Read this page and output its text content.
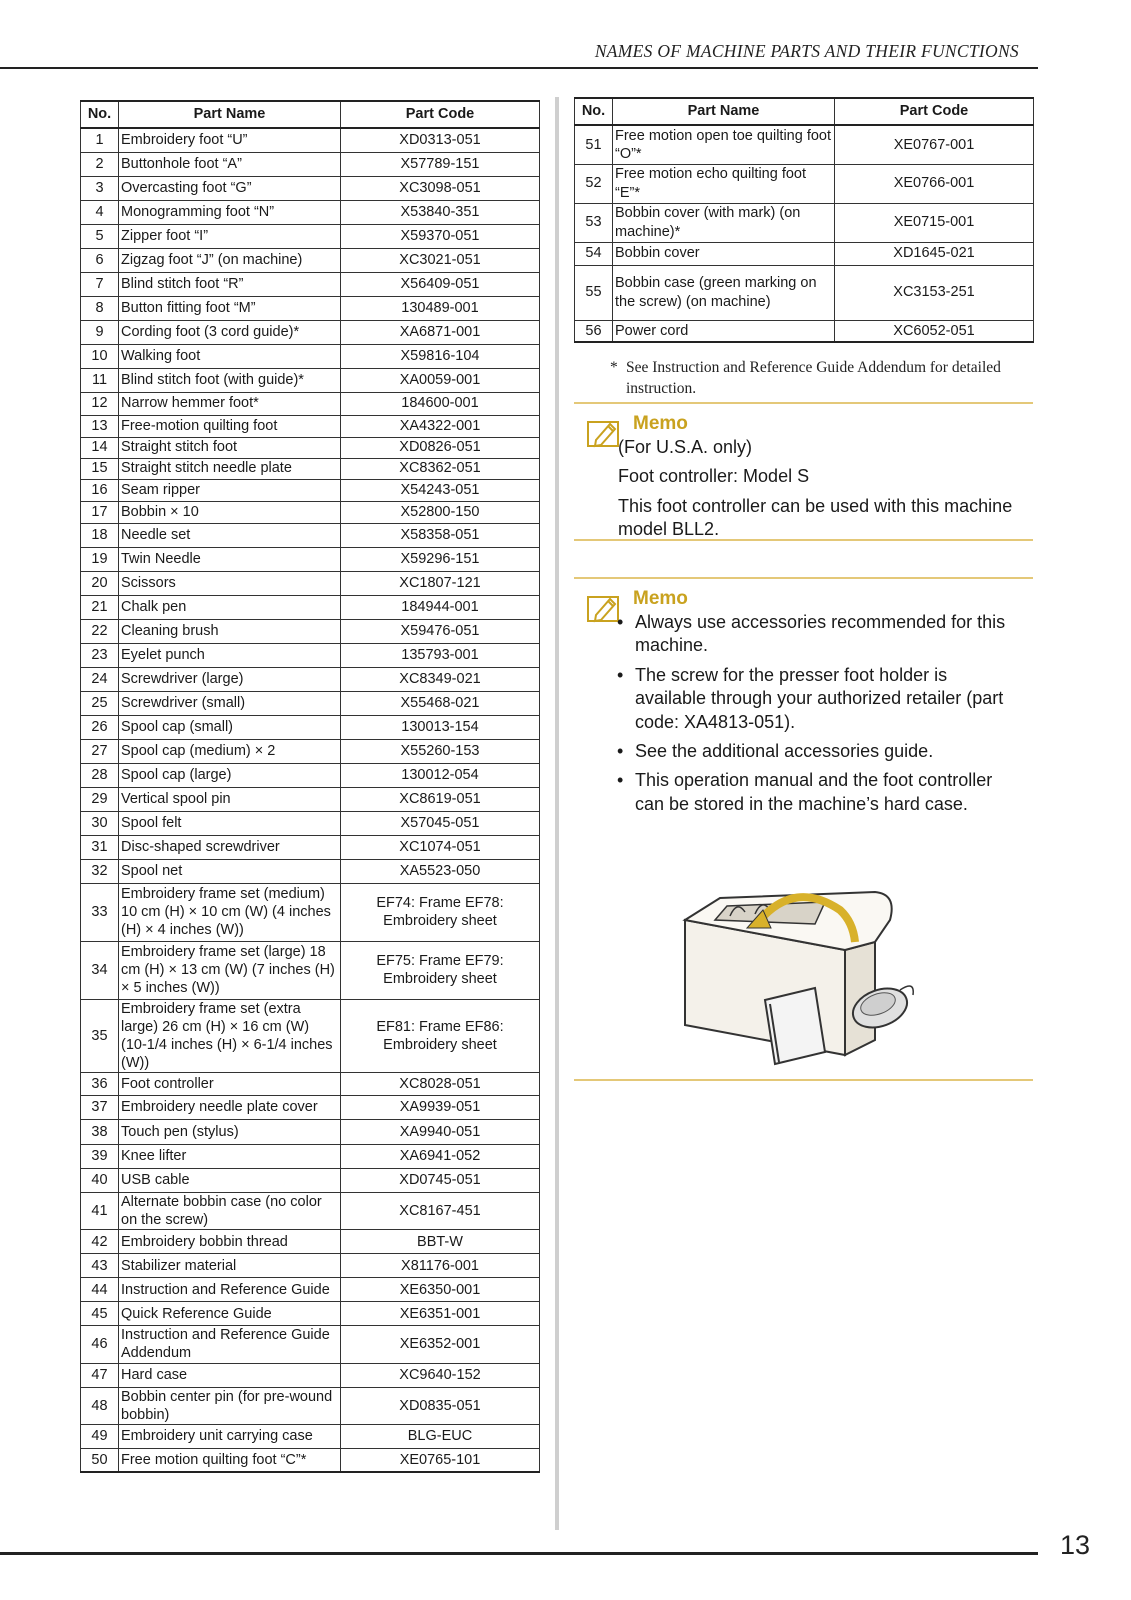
NAMES OF MACHINE PARTS AND THEIR FUNCTIONS
No.	Part Name	Part Code
1	Embroidery foot “U”	XD0313-051
2	Buttonhole foot “A”	X57789-151
3	Overcasting foot “G”	XC3098-051
4	Monogramming foot “N”	X53840-351
5	Zipper foot “I”	X59370-051
6	Zigzag foot “J” (on machine)	XC3021-051
7	Blind stitch foot “R”	X56409-051
8	Button fitting foot “M”	130489-001
9	Cording foot (3 cord guide)*	XA6871-001
10	Walking foot	X59816-104
11	Blind stitch foot (with guide)*	XA0059-001
12	Narrow hemmer foot*	184600-001
13	Free-motion quilting foot	XA4322-001
14	Straight stitch foot	XD0826-051
15	Straight stitch needle plate	XC8362-051
16	Seam ripper	X54243-051
17	Bobbin × 10	X52800-150
18	Needle set	X58358-051
19	Twin Needle	X59296-151
20	Scissors	XC1807-121
21	Chalk pen	184944-001
22	Cleaning brush	X59476-051
23	Eyelet punch	135793-001
24	Screwdriver (large)	XC8349-021
25	Screwdriver (small)	X55468-021
26	Spool cap (small)	130013-154
27	Spool cap (medium) × 2	X55260-153
28	Spool cap (large)	130012-054
29	Vertical spool pin	XC8619-051
30	Spool felt	X57045-051
31	Disc-shaped screwdriver	XC1074-051
32	Spool net	XA5523-050
33	Embroidery frame set (medium) 10 cm (H) × 10 cm (W) (4 inches (H) × 4 inches (W))	EF74: Frame EF78: Embroidery sheet
34	Embroidery frame set (large) 18 cm (H) × 13 cm (W) (7 inches (H) × 5 inches (W))	EF75: Frame EF79: Embroidery sheet
35	Embroidery frame set (extra large) 26 cm (H) × 16 cm (W) (10-1/4 inches (H) × 6-1/4 inches (W))	EF81: Frame EF86: Embroidery sheet
36	Foot controller	XC8028-051
37	Embroidery needle plate cover	XA9939-051
38	Touch pen (stylus)	XA9940-051
39	Knee lifter	XA6941-052
40	USB cable	XD0745-051
41	Alternate bobbin case (no color on the screw)	XC8167-451
42	Embroidery bobbin thread	BBT-W
43	Stabilizer material	X81176-001
44	Instruction and Reference Guide	XE6350-001
45	Quick Reference Guide	XE6351-001
46	Instruction and Reference Guide Addendum	XE6352-001
47	Hard case	XC9640-152
48	Bobbin center pin (for pre-wound bobbin)	XD0835-051
49	Embroidery unit carrying case	BLG-EUC
50	Free motion quilting foot “C”*	XE0765-101
No.	Part Name	Part Code
51	Free motion open toe quilting foot “O”*	XE0767-001
52	Free motion echo quilting foot “E”*	XE0766-001
53	Bobbin cover (with mark) (on machine)*	XE0715-001
54	Bobbin cover	XD1645-021
55	Bobbin case (green marking on the screw) (on machine)	XC3153-251
56	Power cord	XC6052-051
* See Instruction and Reference Guide Addendum for detailed instruction.
Memo

(For U.S.A. only)

Foot controller: Model S

This foot controller can be used with this machine model BLL2.

Memo
• Always use accessories recommended for this machine.
• The screw for the presser foot holder is available through your authorized retailer (part code: XA4813-051).
• See the additional accessories guide.
• This operation manual and the foot controller can be stored in the machine’s hard case.
13
